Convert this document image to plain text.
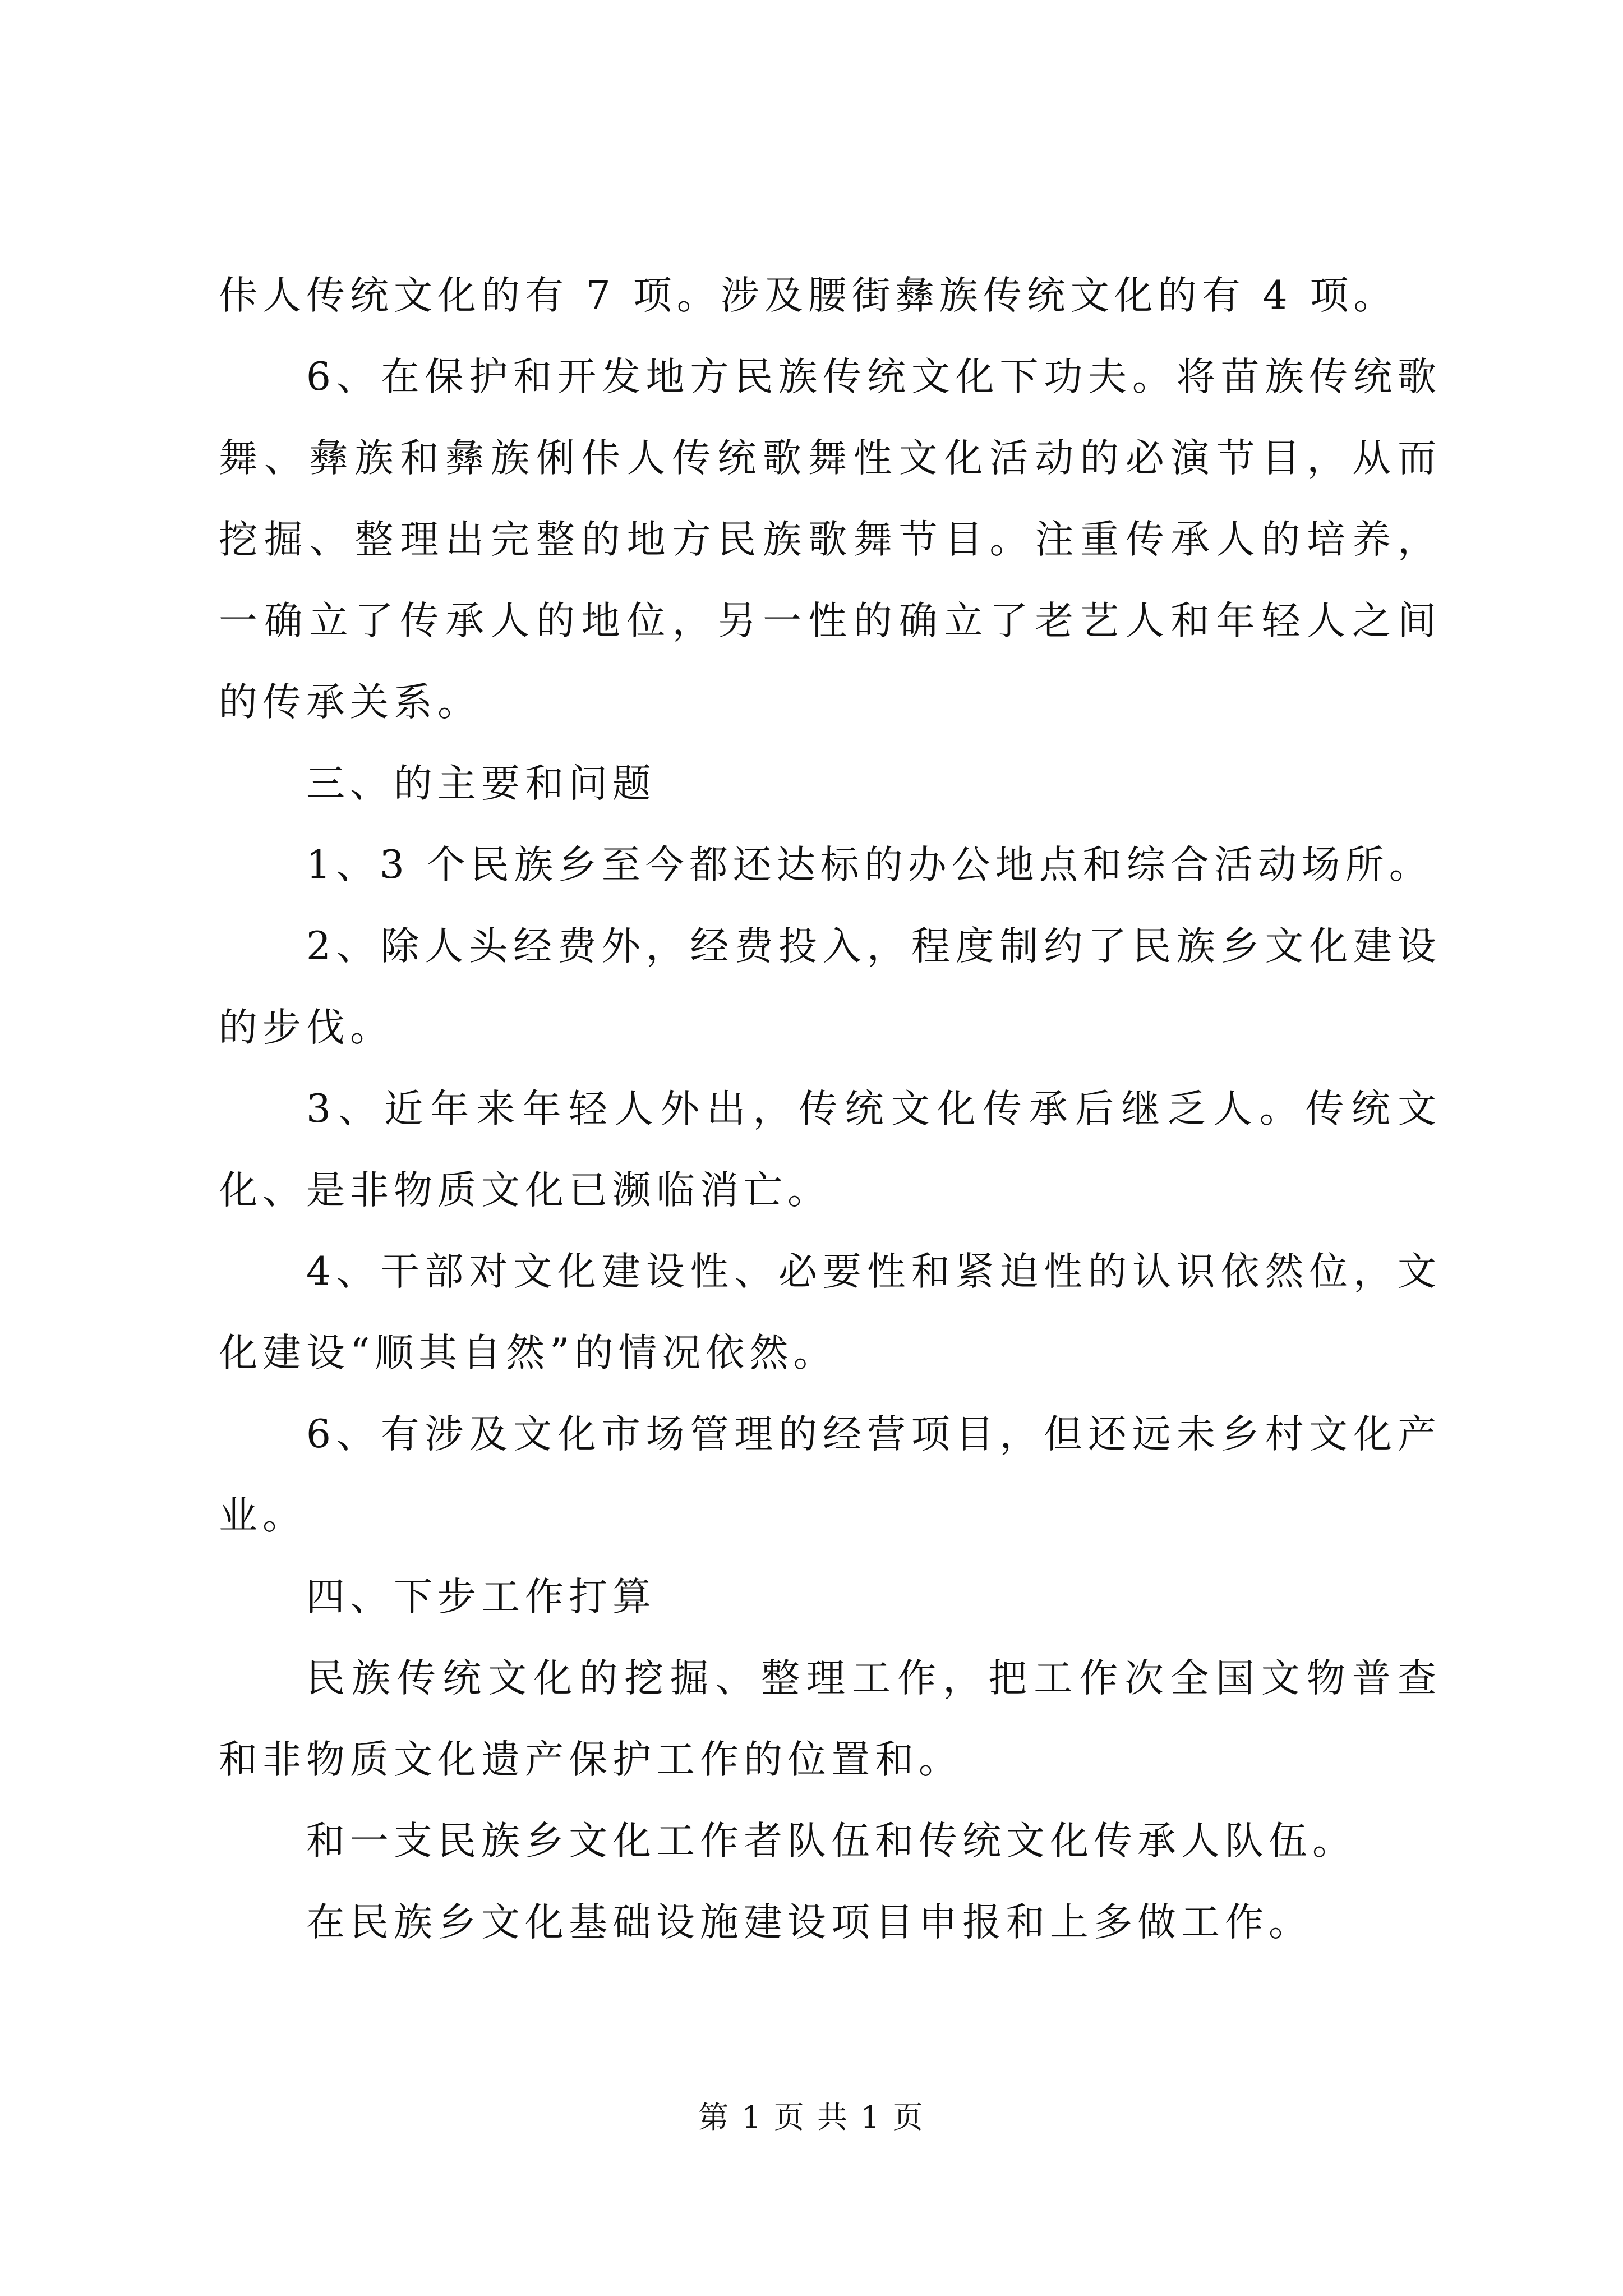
佧人传统文化的有 7 项。涉及腰街彝族传统文化的有 4 项。

6、在保护和开发地方民族传统文化下功夫。将苗族传统歌舞、彝族和彝族俐佧人传统歌舞性文化活动的必演节目，从而挖掘、整理出完整的地方民族歌舞节目。注重传承人的培养，一确立了传承人的地位，另一性的确立了老艺人和年轻人之间的传承关系。

三、的主要和问题

1、3 个民族乡至今都还达标的办公地点和综合活动场所。

2、除人头经费外，经费投入，程度制约了民族乡文化建设的步伐。

3、近年来年轻人外出，传统文化传承后继乏人。传统文化、是非物质文化已濒临消亡。

4、干部对文化建设性、必要性和紧迫性的认识依然位，文化建设“顺其自然”的情况依然。

6、有涉及文化市场管理的经营项目，但还远未乡村文化产业。

四、下步工作打算

民族传统文化的挖掘、整理工作，把工作次全国文物普查和非物质文化遗产保护工作的位置和。

和一支民族乡文化工作者队伍和传统文化传承人队伍。

在民族乡文化基础设施建设项目申报和上多做工作。

第 1 页 共 1 页
